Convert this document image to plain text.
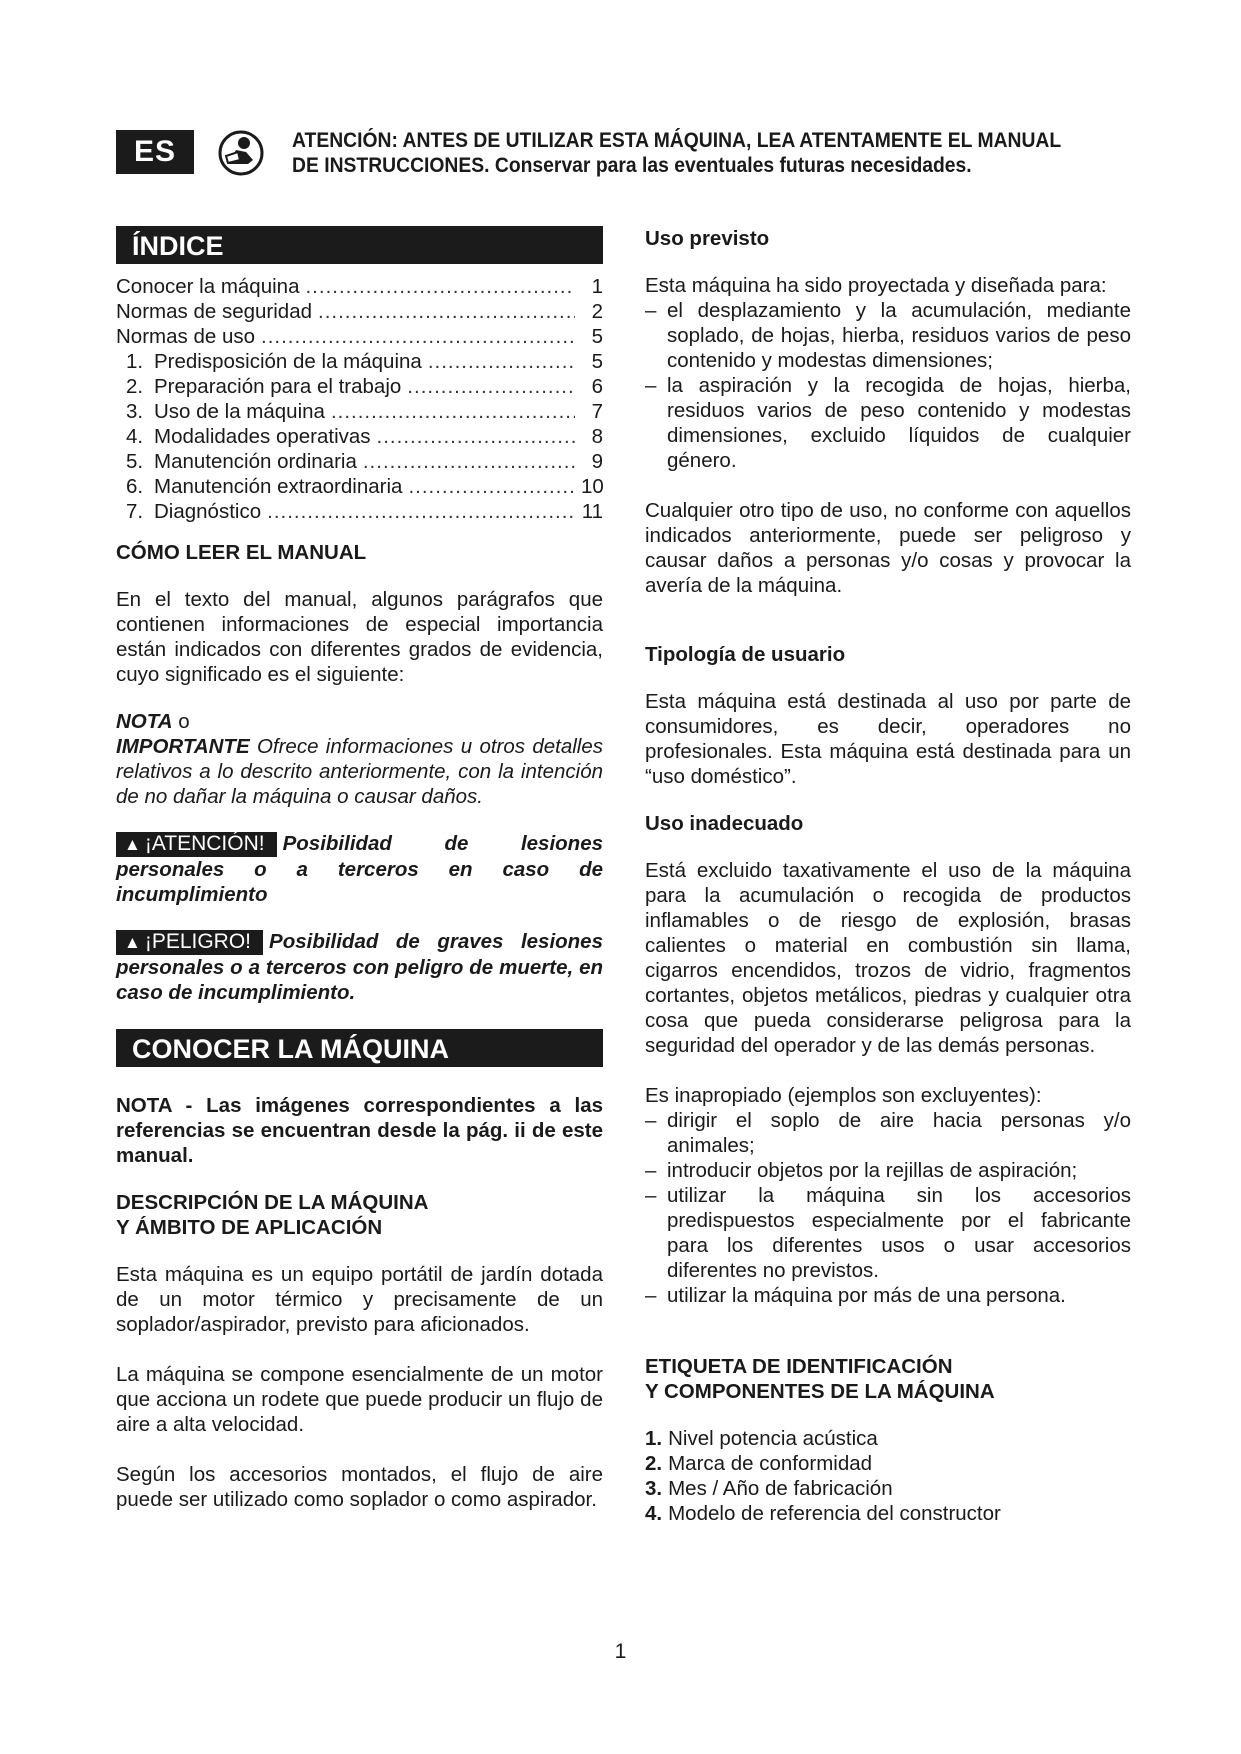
ES	ATENCIÓN: ANTES DE UTILIZAR ESTA MÁQUINA, LEA ATENTAMENTE EL MANUAL
DE INSTRUCCIONES. Conservar para las eventuales futuras necesidades.
ÍNDICE
Conocer la máquina .....	1
Normas de seguridad .....	2
Normas de uso .....	5
1. Predisposición de la máquina .....	5
2. Preparación para el trabajo .....	6
3. Uso de la máquina .....	7
4. Modalidades operativas .....	8
5. Manutención ordinaria .....	9
6. Manutención extraordinaria .....	10
7. Diagnóstico .....	11
CÓMO LEER EL MANUAL

En el texto del manual, algunos parágrafos que contienen informaciones de especial importancia están indicados con diferentes grados de evidencia, cuyo significado es el siguiente:

NOTA o
IMPORTANTE Ofrece informaciones u otros detalles relativos a lo descrito anteriormente, con la intención de no dañar la máquina o causar daños.

▲ ¡ATENCIÓN! Posibilidad de lesiones personales o a terceros en caso de incumplimiento

▲ ¡PELIGRO! Posibilidad de graves lesiones personales o a terceros con peligro de muerte, en caso de incumplimiento.

CONOCER LA MÁQUINA

NOTA - Las imágenes correspondientes a las referencias se encuentran desde la pág. ii de este manual.

DESCRIPCIÓN DE LA MÁQUINA
Y ÁMBITO DE APLICACIÓN

Esta máquina es un equipo portátil de jardín dotada de un motor térmico y precisamente de un soplador/aspirador, previsto para aficionados.

La máquina se compone esencialmente de un motor que acciona un rodete que puede producir un flujo de aire a alta velocidad.

Según los accesorios montados, el flujo de aire puede ser utilizado como soplador o como aspirador.

Uso previsto

Esta máquina ha sido proyectada y diseñada para:

– el desplazamiento y la acumulación, mediante soplado, de hojas, hierba, residuos varios de peso contenido y modestas dimensiones;
– la aspiración y la recogida de hojas, hierba, residuos varios de peso contenido y modestas dimensiones, excluido líquidos de cualquier género.

Cualquier otro tipo de uso, no conforme con aquellos indicados anteriormente, puede ser peligroso y causar daños a personas y/o cosas y provocar la avería de la máquina.

Tipología de usuario

Esta máquina está destinada al uso por parte de consumidores, es decir, operadores no profesionales. Esta máquina está destinada para un “uso doméstico”.

Uso inadecuado

Está excluido taxativamente el uso de la máquina para la acumulación o recogida de productos inflamables o de riesgo de explosión, brasas calientes o material en combustión sin llama, cigarros encendidos, trozos de vidrio, fragmentos cortantes, objetos metálicos, piedras y cualquier otra cosa que pueda considerarse peligrosa para la seguridad del operador y de las demás personas.

Es inapropiado (ejemplos son excluyentes):

– dirigir el soplo de aire hacia personas y/o animales;
– introducir objetos por la rejillas de aspiración;
– utilizar la máquina sin los accesorios predispuestos especialmente por el fabricante para los diferentes usos o usar accesorios diferentes no previstos.
– utilizar la máquina por más de una persona.
ETIQUETA DE IDENTIFICACIÓN
Y COMPONENTES DE LA MÁQUINA
1. Nivel potencia acústica
2. Marca de conformidad
3. Mes / Año de fabricación
4. Modelo de referencia del constructor
1
